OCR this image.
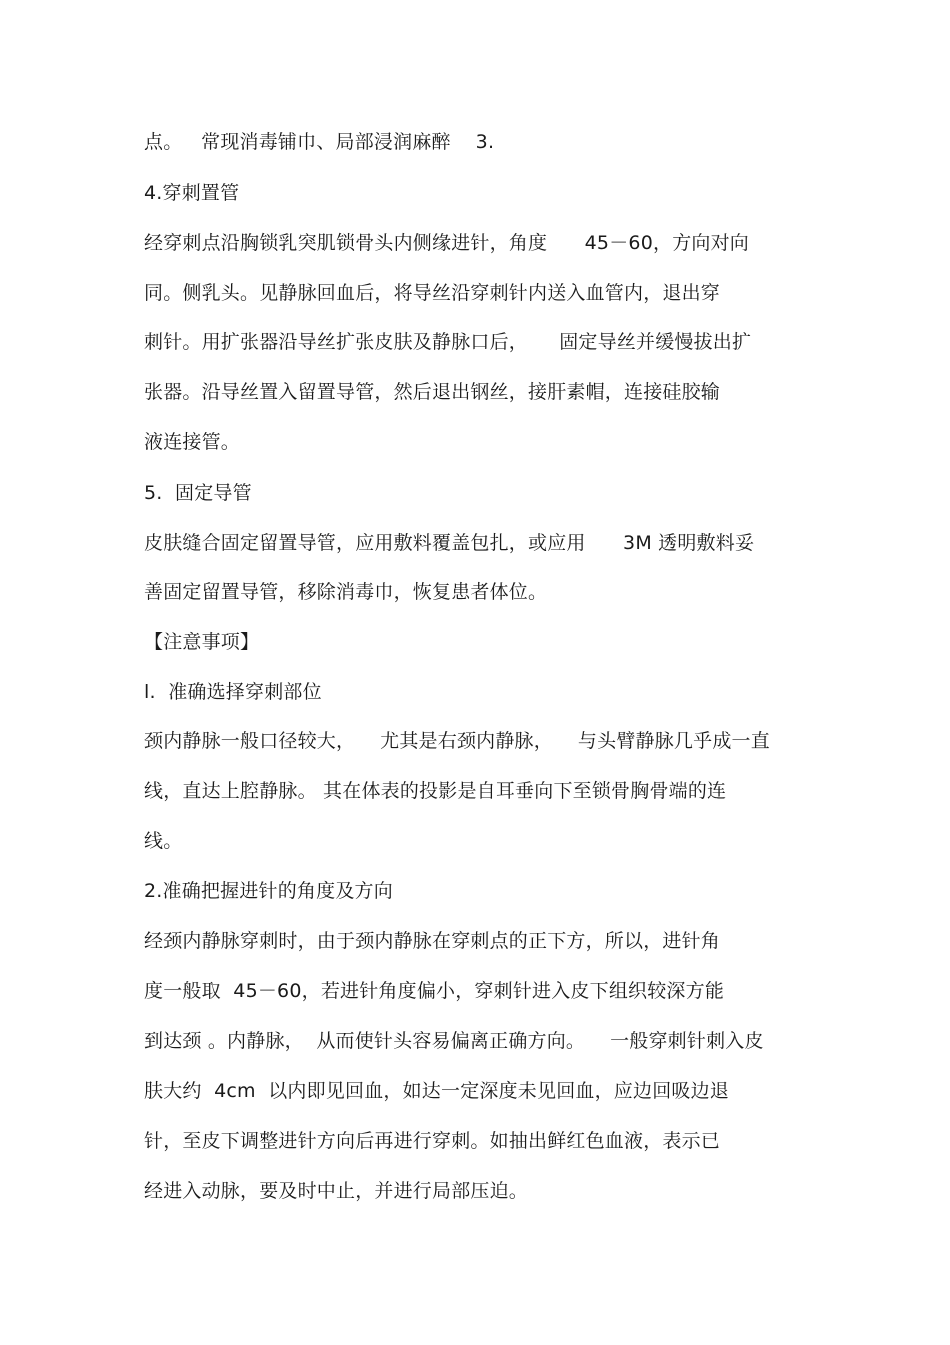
点。   常现消毒铺巾、局部浸润麻醉    3.
4.穿刺置管
经穿刺点沿胸锁乳突肌锁骨头内侧缘进针，角度      45－60，方向对向
同。侧乳头。见静脉回血后，将导丝沿穿刺针内送入血管内，退出穿
刺针。用扩张器沿导丝扩张皮肤及静脉口后，     固定导丝并缓慢拔出扩
张器。沿导丝置入留置导管，然后退出钢丝，接肝素帽，连接硅胶输
液连接管。
5.  固定导管
皮肤缝合固定留置导管，应用敷料覆盖包扎，或应用      3M 透明敷料妥
善固定留置导管，移除消毒巾，恢复患者体位。
【注意事项】
l.  准确选择穿刺部位
颈内静脉一般口径较大，    尤其是右颈内静脉，    与头臂静脉几乎成一直
线，直达上腔静脉。 其在体表的投影是自耳垂向下至锁骨胸骨端的连
线。
2.准确把握进针的角度及方向
经颈内静脉穿刺时，由于颈内静脉在穿刺点的正下方，所以，进针角
度一般取  45－60，若进针角度偏小，穿刺针进入皮下组织较深方能
到达颈 。内静脉，  从而使针头容易偏离正确方向。    一般穿刺针刺入皮
肤大约  4cm  以内即见回血，如达一定深度未见回血，应边回吸边退
针，至皮下调整进针方向后再进行穿刺。如抽出鲜红色血液，表示已
经进入动脉，要及时中止，并进行局部压迫。
